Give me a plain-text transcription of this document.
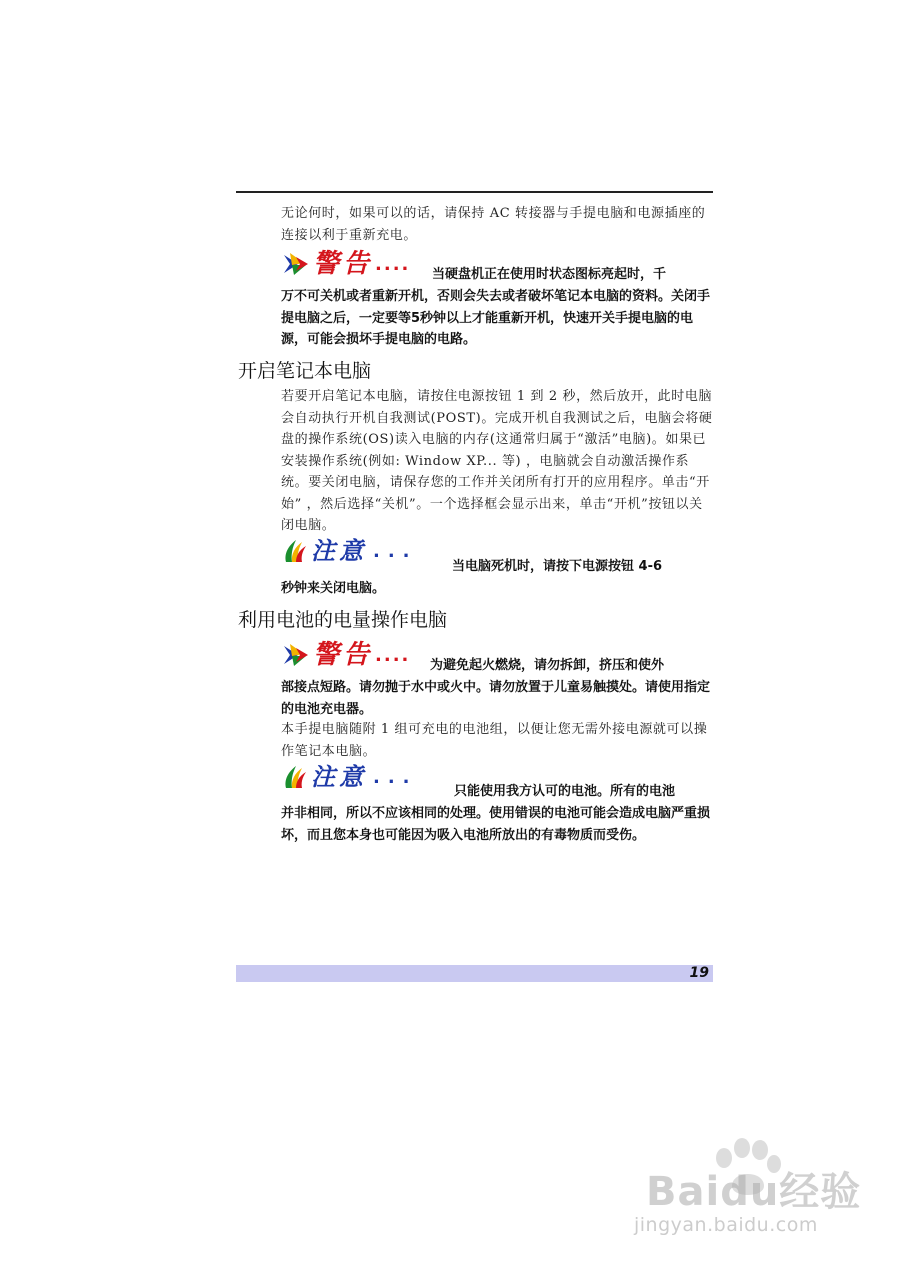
无论何时，如果可以的话，请保持 AC 转接器与手提电脑和电源插座的连接以利于重新充电。

警告 .... 当硬盘机正在使用时状态图标亮起时，千

万不可关机或者重新开机，否则会失去或者破坏笔记本电脑的资料。关闭手提电脑之后，一定要等5秒钟以上才能重新开机，快速开关手提电脑的电源，可能会损坏手提电脑的电路。

开启笔记本电脑

若要开启笔记本电脑，请按住电源按钮 1 到 2 秒，然后放开，此时电脑会自动执行开机自我测试(POST)。完成开机自我测试之后，电脑会将硬盘的操作系统(OS)读入电脑的内存(这通常归属于“激活”电脑)。如果已安装操作系统(例如: Window XP... 等) ，电脑就会自动激活操作系统。要关闭电脑，请保存您的工作并关闭所有打开的应用程序。单击“开始” ，然后选择“关机”。一个选择框会显示出来，单击“开机”按钮以关闭电脑。

注意 ...

当电脑死机时，请按下电源按钮 4-6

秒钟来关闭电脑。

利用电池的电量操作电脑
警告 .... 为避免起火燃烧，请勿拆卸，挤压和使外

部接点短路。请勿抛于水中或火中。请勿放置于儿童易触摸处。请使用指定的电池充电器。

本手提电脑随附 1 组可充电的电池组，以便让您无需外接电源就可以操作笔记本电脑。

注意 ...

只能使用我方认可的电池。所有的电池

并非相同，所以不应该相同的处理。使用错误的电池可能会造成电脑严重损坏，而且您本身也可能因为吸入电池所放出的有毒物质而受伤。

19
Baidu经验
jingyan.baidu.com
